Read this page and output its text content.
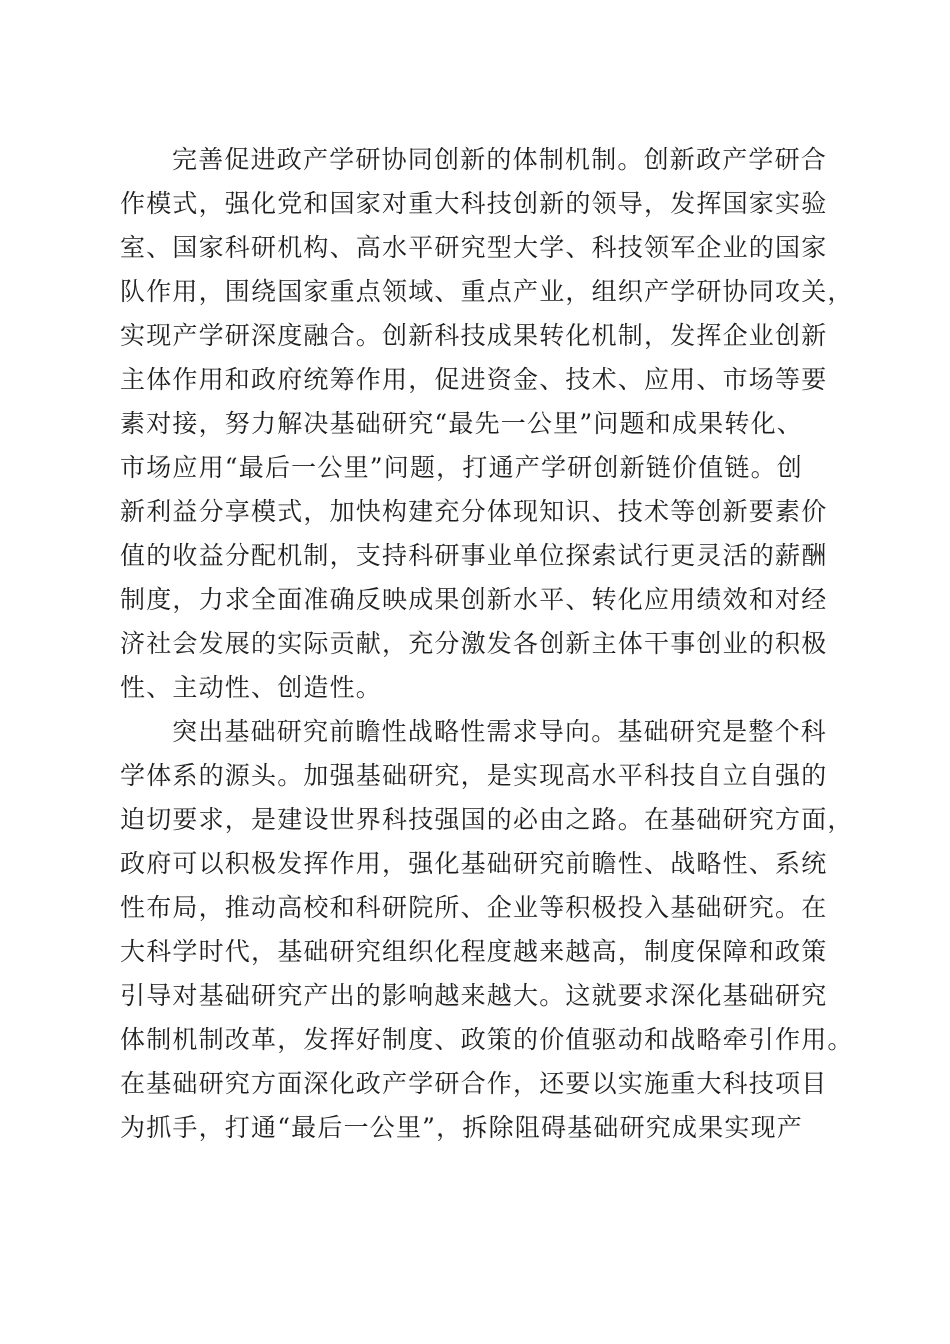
完善促进政产学研协同创新的体制机制。创新政产学研合
作模式，强化党和国家对重大科技创新的领导，发挥国家实验
室、国家科研机构、高水平研究型大学、科技领军企业的国家
队作用，围绕国家重点领域、重点产业，组织产学研协同攻关，
实现产学研深度融合。创新科技成果转化机制，发挥企业创新
主体作用和政府统筹作用，促进资金、技术、应用、市场等要
素对接，努力解决基础研究“最先一公里”问题和成果转化、
市场应用“最后一公里”问题，打通产学研创新链价值链。创
新利益分享模式，加快构建充分体现知识、技术等创新要素价
值的收益分配机制，支持科研事业单位探索试行更灵活的薪酬
制度，力求全面准确反映成果创新水平、转化应用绩效和对经
济社会发展的实际贡献，充分激发各创新主体干事创业的积极
性、主动性、创造性。
突出基础研究前瞻性战略性需求导向。基础研究是整个科
学体系的源头。加强基础研究，是实现高水平科技自立自强的
迫切要求，是建设世界科技强国的必由之路。在基础研究方面，
政府可以积极发挥作用，强化基础研究前瞻性、战略性、系统
性布局，推动高校和科研院所、企业等积极投入基础研究。在
大科学时代，基础研究组织化程度越来越高，制度保障和政策
引导对基础研究产出的影响越来越大。这就要求深化基础研究
体制机制改革，发挥好制度、政策的价值驱动和战略牵引作用。
在基础研究方面深化政产学研合作，还要以实施重大科技项目
为抓手，打通“最后一公里”，拆除阻碍基础研究成果实现产
